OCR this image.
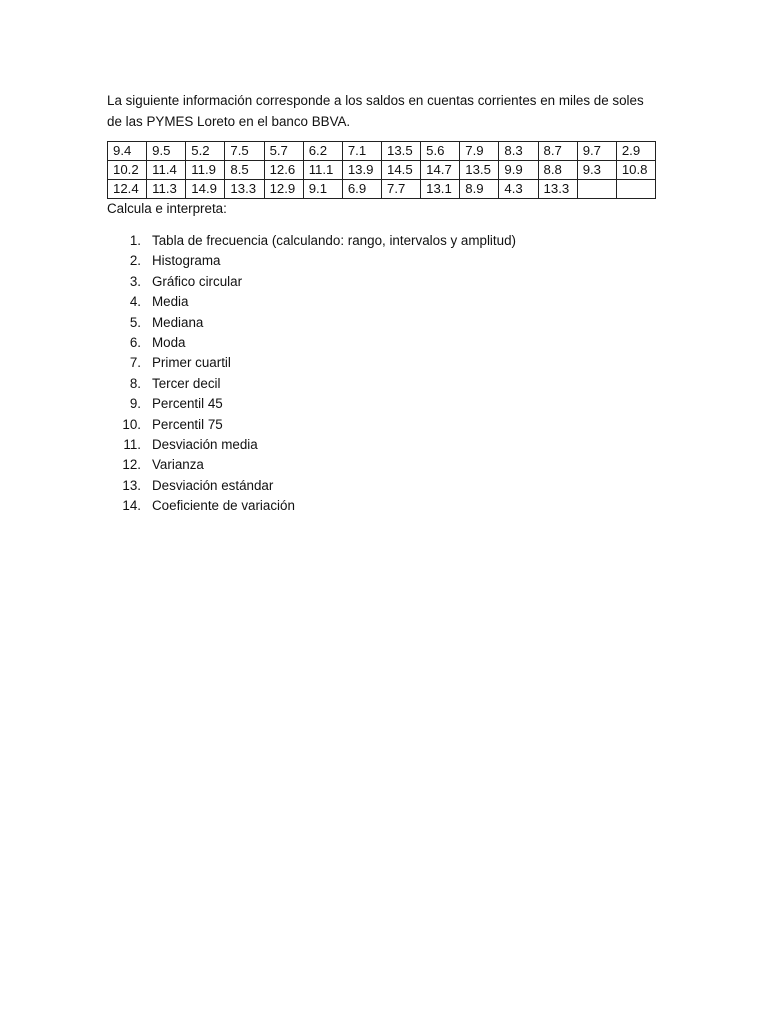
La siguiente información corresponde a los saldos en cuentas corrientes en miles de soles de las PYMES Loreto en el banco BBVA.

9.4	9.5	5.2	7.5	5.7	6.2	7.1	13.5	5.6	7.9	8.3	8.7	9.7	2.9
10.2	11.4	11.9	8.5	12.6	11.1	13.9	14.5	14.7	13.5	9.9	8.8	9.3	10.8
12.4	11.3	14.9	13.3	12.9	9.1	6.9	7.7	13.1	8.9	4.3	13.3		

Calcula e interpreta:

1. Tabla de frecuencia (calculando: rango, intervalos y amplitud)
2. Histograma
3. Gráfico circular
4. Media
5. Mediana
6. Moda
7. Primer cuartil
8. Tercer decil
9. Percentil 45
10. Percentil 75
11. Desviación media
12. Varianza
13. Desviación estándar
14. Coeficiente de variación
